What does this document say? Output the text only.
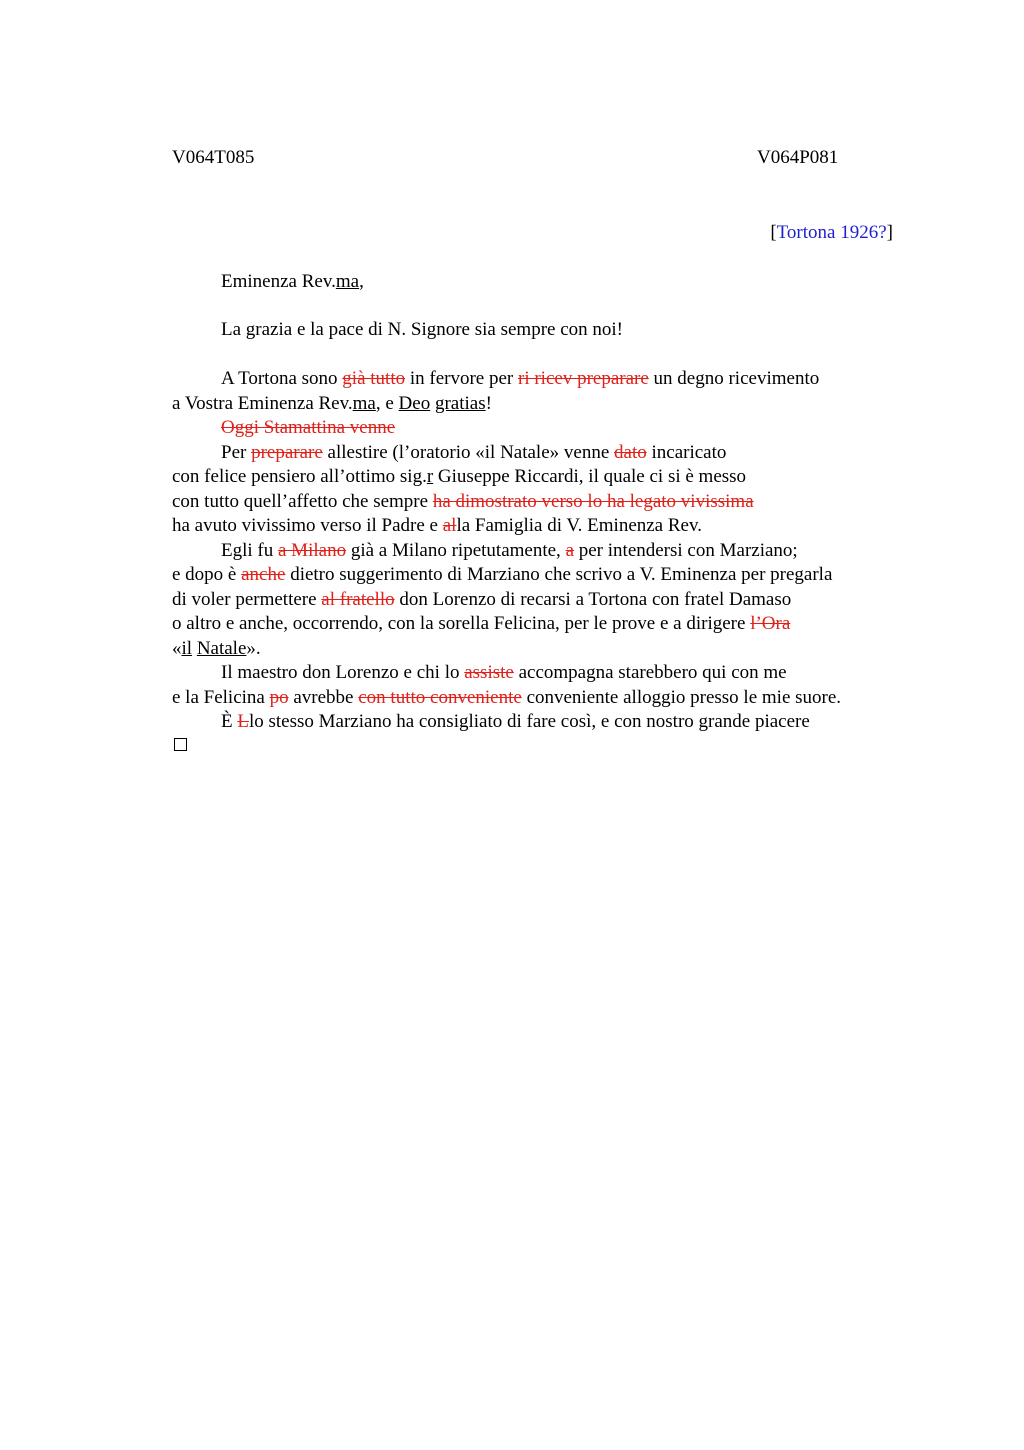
V064T085	V064P081
[Tortona 1926?]
Eminenza Rev.ma,
La grazia e la pace di N. Signore sia sempre con noi!
A Tortona sono già tutto in fervore per ri ricev preparare un degno ricevimento
a Vostra Eminenza Rev.ma, e Deo gratias!
Oggi Stamattina venne
Per preparare allestire (l’oratorio «il Natale» venne dato incaricato
con felice pensiero all’ottimo sig.r Giuseppe Riccardi, il quale ci si è messo
con tutto quell’affetto che sempre ha dimostrato verso lo ha legato vivissima
ha avuto vivissimo verso il Padre e alla Famiglia di V. Eminenza Rev.
Egli fu a Milano già a Milano ripetutamente, a per intendersi con Marziano;
e dopo è anche dietro suggerimento di Marziano che scrivo a V. Eminenza per pregarla
di voler permettere al fratello don Lorenzo di recarsi a Tortona con fratel Damaso
o altro e anche, occorrendo, con la sorella Felicina, per le prove e a dirigere l’Ora
«il Natale».
Il maestro don Lorenzo e chi lo assiste accompagna starebbero qui con me
e la Felicina po avrebbe con tutto conveniente conveniente alloggio presso le mie suore.
È Llo stesso Marziano ha consigliato di fare così, e con nostro grande piacere
